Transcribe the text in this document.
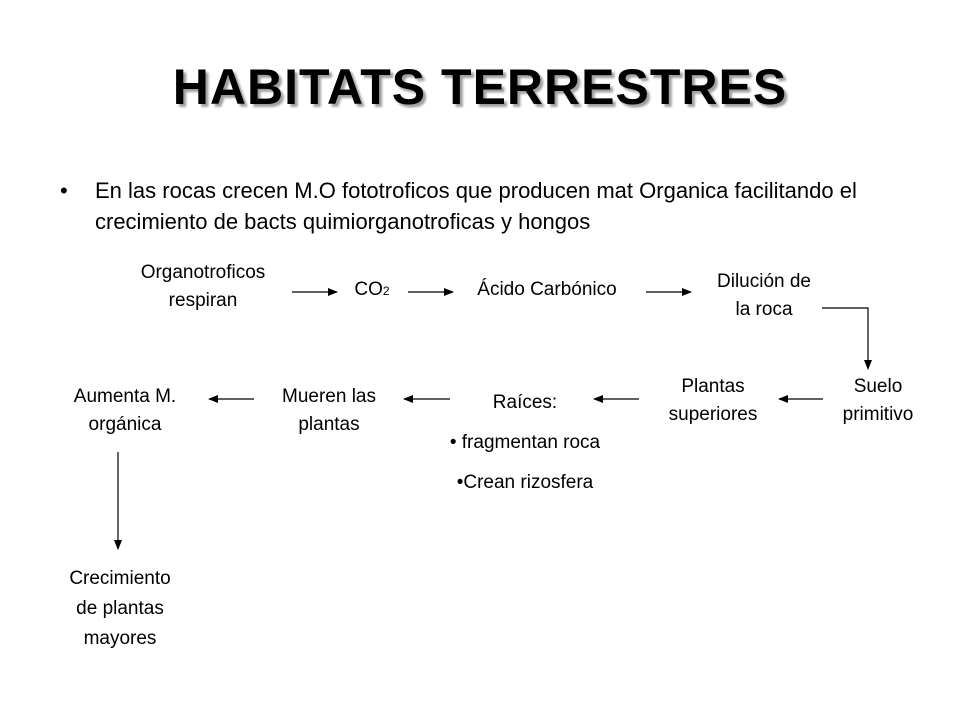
HABITATS TERRESTRES
•	En las rocas crecen M.O fototroficos que producen mat Organica facilitando el crecimiento de bacts quimiorganotroficas y hongos
Organotroficos
respiran
CO2	Ácido Carbónico	Dilución de
la roca
Suelo
primitivo
Plantas
superiores
Raíces:
• fragmentan roca
•Crean rizosfera
Mueren las
plantas
Aumenta M.
orgánica
Crecimiento
de plantas
mayores
